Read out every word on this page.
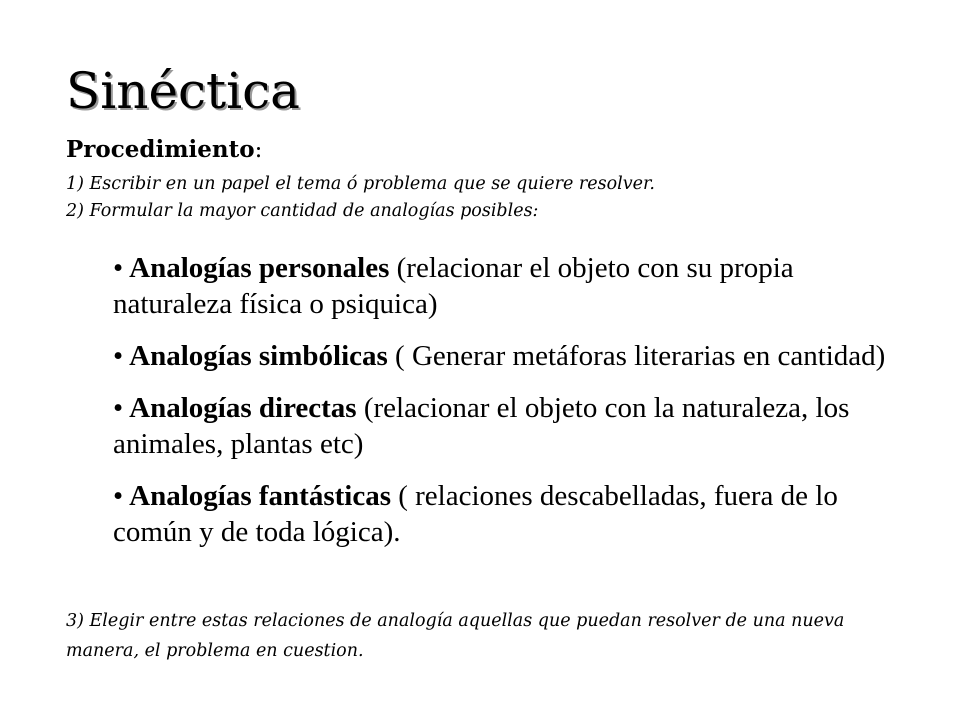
Sinéctica
Procedimiento:
1) Escribir en un papel el tema ó problema que se quiere resolver.
2) Formular la mayor cantidad de analogías posibles:
• Analogías personales (relacionar el objeto con su propia naturaleza física o psiquica)
• Analogías simbólicas ( Generar metáforas literarias en cantidad)
• Analogías directas (relacionar el objeto con la naturaleza, los animales, plantas etc)
• Analogías fantásticas ( relaciones descabelladas, fuera de lo común y de toda lógica).
3) Elegir entre estas relaciones de analogía aquellas que puedan resolver de una nueva manera, el problema en cuestion.
